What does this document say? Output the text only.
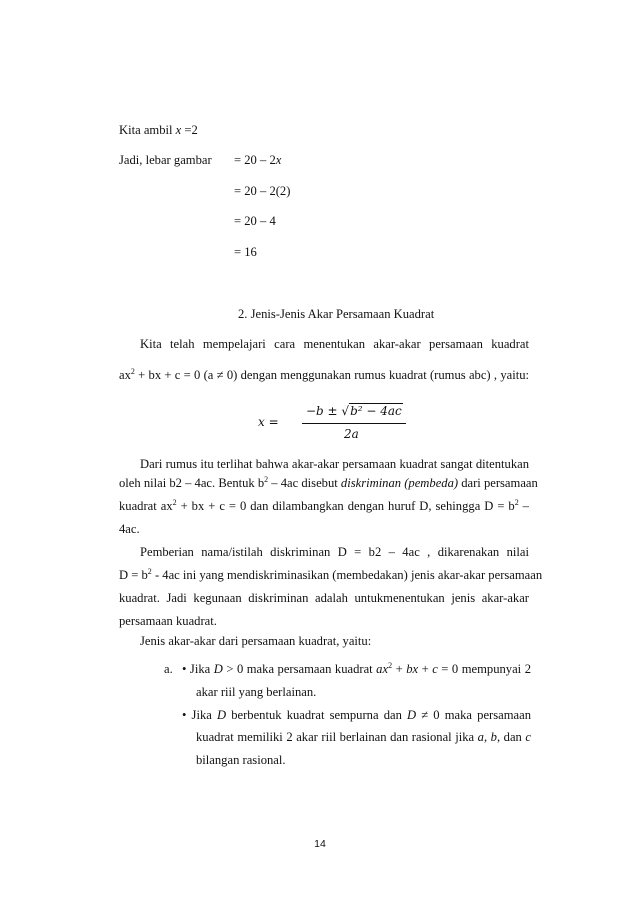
Kita ambil x =2
Jadi, lebar gambar = 20 – 2x
= 20 – 2(2)
= 20 – 4
= 16
2. Jenis-Jenis Akar Persamaan Kuadrat
Kita telah mempelajari cara menentukan akar-akar persamaan kuadrat
$ax^2$ + bx + c = 0 (a ≠ 0) dengan menggunakan rumus kuadrat (rumus abc) , yaitu:
x =
−b ± √b² − 4ac
2a
Dari rumus itu terlihat bahwa akar-akar persamaan kuadrat sangat ditentukan
oleh nilai b2 – 4ac. Bentuk $b^2 - 4ac$ disebut diskriminan (pembeda) dari persamaan
kuadrat $ax^2$ + bx + c = 0 dan dilambangkan dengan huruf D, sehingga $D = b^2$ –
4ac.
Pemberian nama/istilah diskriminan D = b2 – 4ac , dikarenakan nilai
$D = b^2 - 4ac$ ini yang mendiskriminasikan (membedakan) jenis akar-akar persamaan
kuadrat. Jadi kegunaan diskriminan adalah untukmenentukan jenis akar-akar
persamaan kuadrat.
Jenis akar-akar dari persamaan kuadrat, yaitu:
a. • Jika D > 0 maka persamaan kuadrat $ax^2$ + bx + c = 0 mempunyai 2
akar riil yang berlainan.
• Jika D berbentuk kuadrat sempurna dan D ≠ 0 maka persamaan
kuadrat memiliki 2 akar riil berlainan dan rasional jika a, b, dan c
bilangan rasional.
14
